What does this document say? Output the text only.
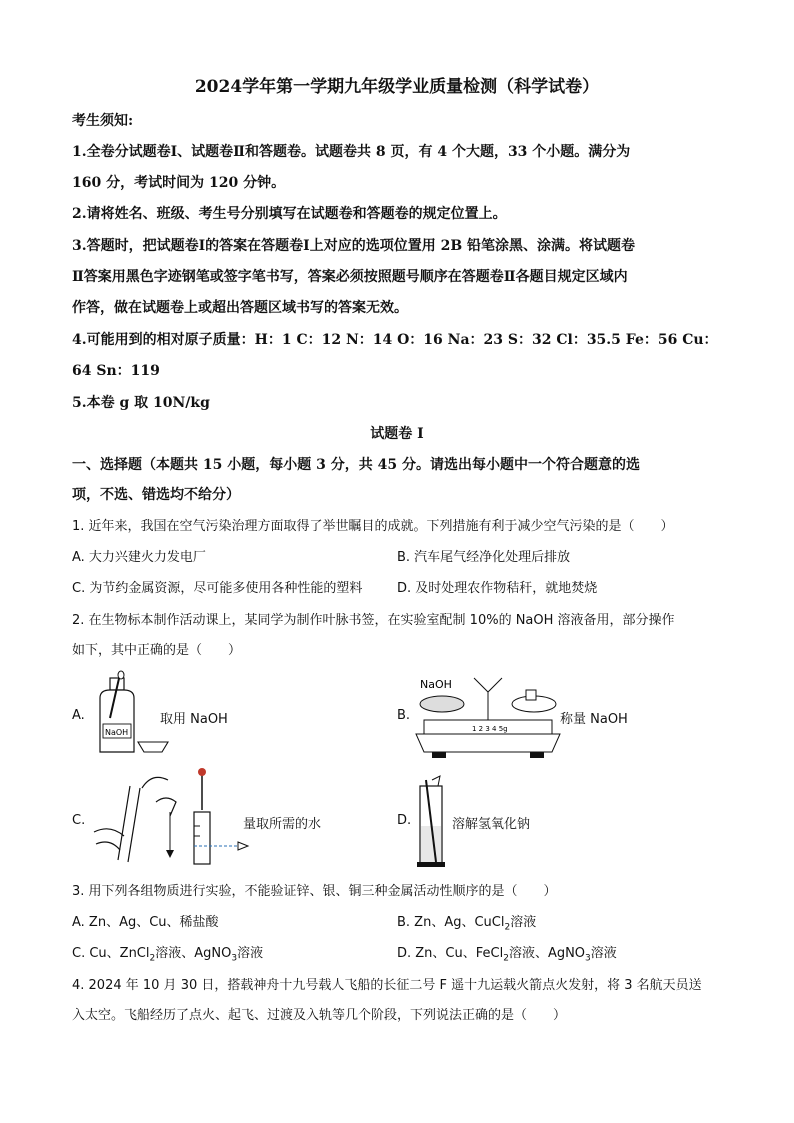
2024学年第一学期九年级学业质量检测（科学试卷）
考生须知:
1.全卷分试题卷Ⅰ、试题卷Ⅱ和答题卷。试题卷共 8 页，有 4 个大题，33 个小题。满分为
160 分，考试时间为 120 分钟。
2.请将姓名、班级、考生号分别填写在试题卷和答题卷的规定位置上。
3.答题时，把试题卷Ⅰ的答案在答题卷Ⅰ上对应的选项位置用 2B 铅笔涂黑、涂满。将试题卷
Ⅱ答案用黑色字迹钢笔或签字笔书写，答案必须按照题号顺序在答题卷Ⅱ各题目规定区域内
作答，做在试题卷上或超出答题区域书写的答案无效。
4.可能用到的相对原子质量：H：1 C：12 N：14 O：16 Na：23 S：32 Cl：35.5 Fe：56 Cu：
64 Sn：119
5.本卷 g 取 10N/kg
试题卷 I
一、选择题（本题共 15 小题，每小题 3 分，共 45 分。请选出每小题中一个符合题意的选
项，不选、错选均不给分）
1. 近年来，我国在空气污染治理方面取得了举世瞩目的成就。下列措施有利于减少空气污染的是（　　）
A. 大力兴建火力发电厂	B. 汽车尾气经净化处理后排放
C. 为节约金属资源，尽可能多使用各种性能的塑料	D. 及时处理农作物秸秆，就地焚烧
2. 在生物标本制作活动课上，某同学为制作叶脉书签，在实验室配制 10%的 NaOH 溶液备用，部分操作
如下，其中正确的是（　　）
A.
NaOH
取用 NaOH	B.
NaOH
1 2 3 4 5g
称量 NaOH
C.	量取所需的水	D.	溶解氢氧化钠
3. 用下列各组物质进行实验，不能验证锌、银、铜三种金属活动性顺序的是（　　）
A. Zn、Ag、Cu、稀盐酸	B. Zn、Ag、CuCl$_2$溶液
C. Cu、ZnCl$_2$溶液、AgNO$_3$溶液	D. Zn、Cu、FeCl$_2$溶液、AgNO$_3$溶液
4. 2024 年 10 月 30 日，搭载神舟十九号载人飞船的长征二号 F 遥十九运载火箭点火发射，将 3 名航天员送
入太空。飞船经历了点火、起飞、过渡及入轨等几个阶段，下列说法正确的是（　　）
